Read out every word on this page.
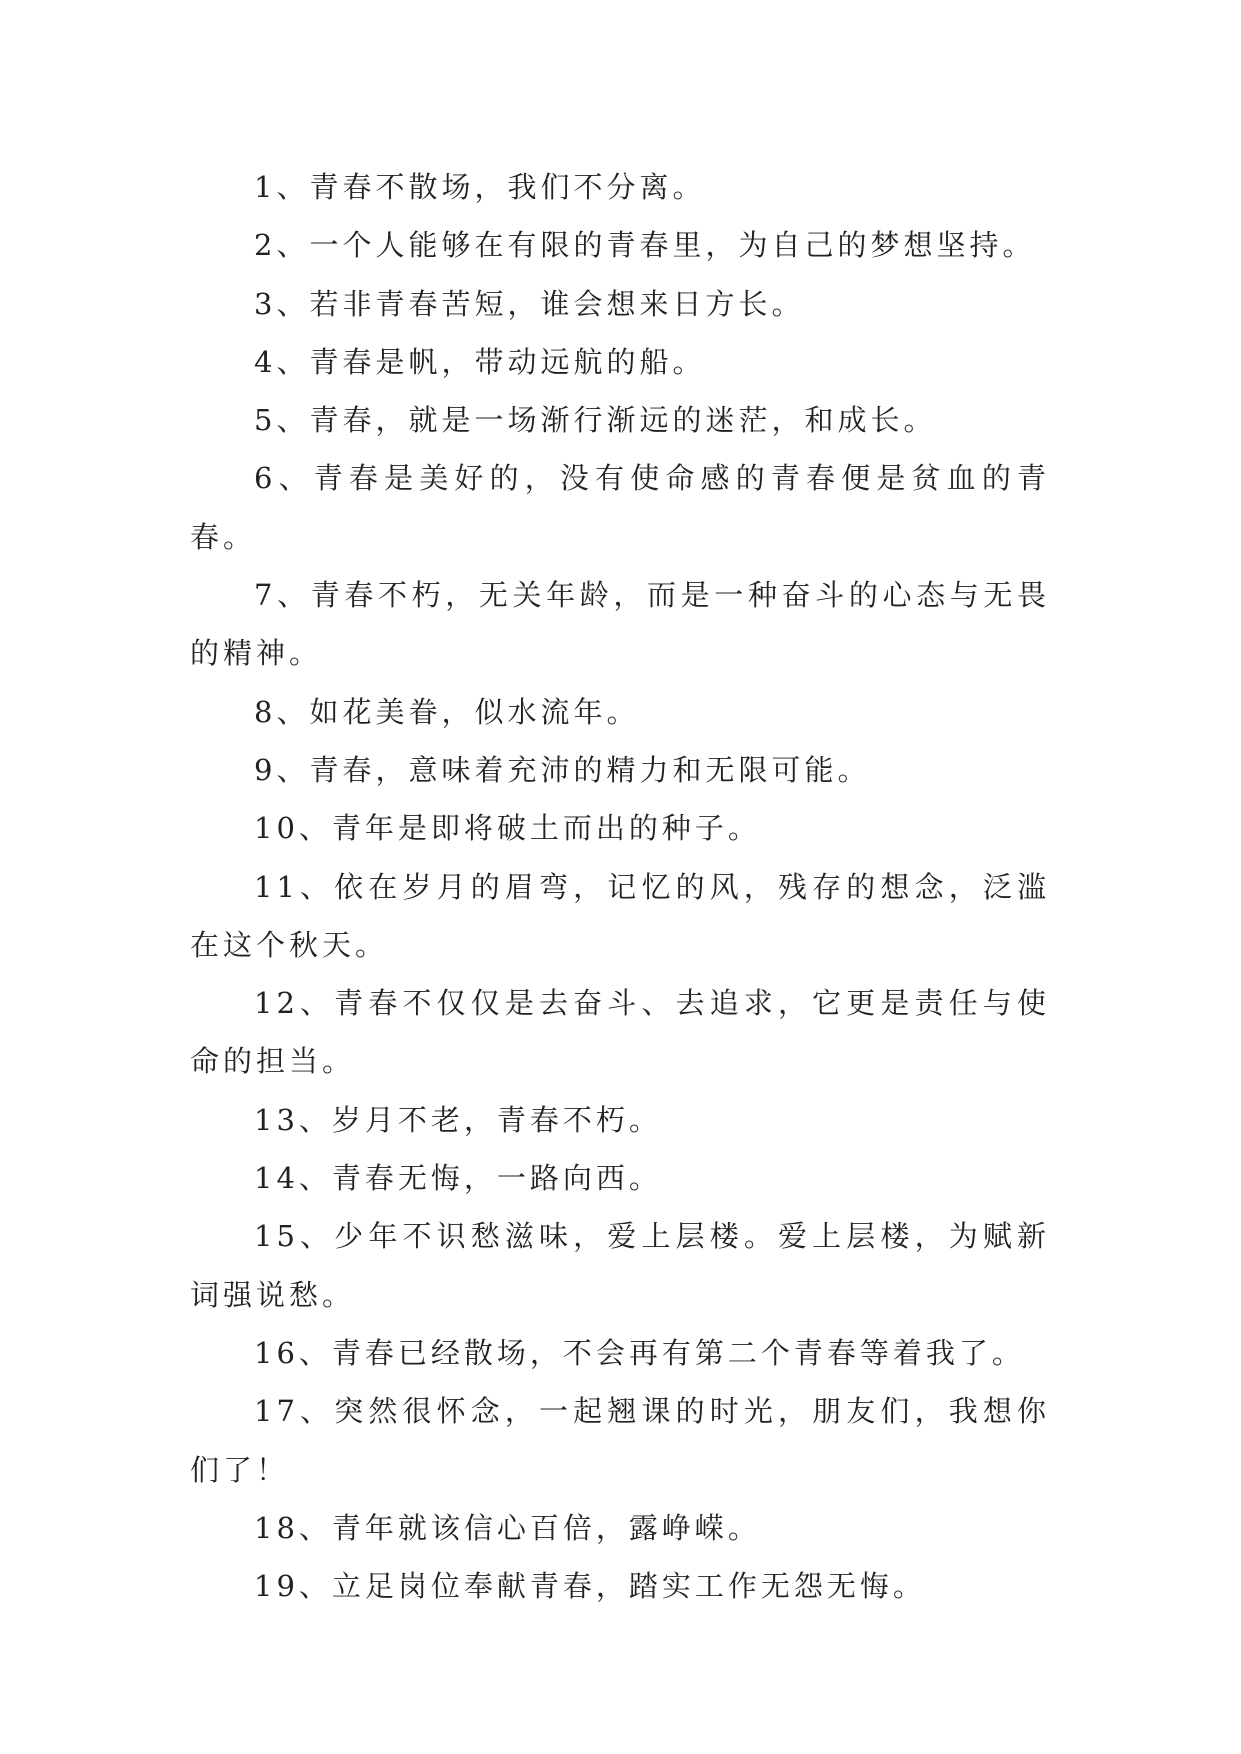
1、青春不散场，我们不分离。

2、一个人能够在有限的青春里，为自己的梦想坚持。

3、若非青春苦短，谁会想来日方长。

4、青春是帆，带动远航的船。

5、青春，就是一场渐行渐远的迷茫，和成长。

6、青春是美好的，没有使命感的青春便是贫血的青春。

7、青春不朽，无关年龄，而是一种奋斗的心态与无畏的精神。

8、如花美眷，似水流年。

9、青春，意味着充沛的精力和无限可能。

10、青年是即将破土而出的种子。

11、依在岁月的眉弯，记忆的风，残存的想念，泛滥在这个秋天。

12、青春不仅仅是去奋斗、去追求，它更是责任与使命的担当。

13、岁月不老，青春不朽。

14、青春无悔，一路向西。

15、少年不识愁滋味，爱上层楼。爱上层楼，为赋新词强说愁。

16、青春已经散场，不会再有第二个青春等着我了。

17、突然很怀念，一起翘课的时光，朋友们，我想你们了！

18、青年就该信心百倍，露峥嵘。

19、立足岗位奉献青春，踏实工作无怨无悔。
